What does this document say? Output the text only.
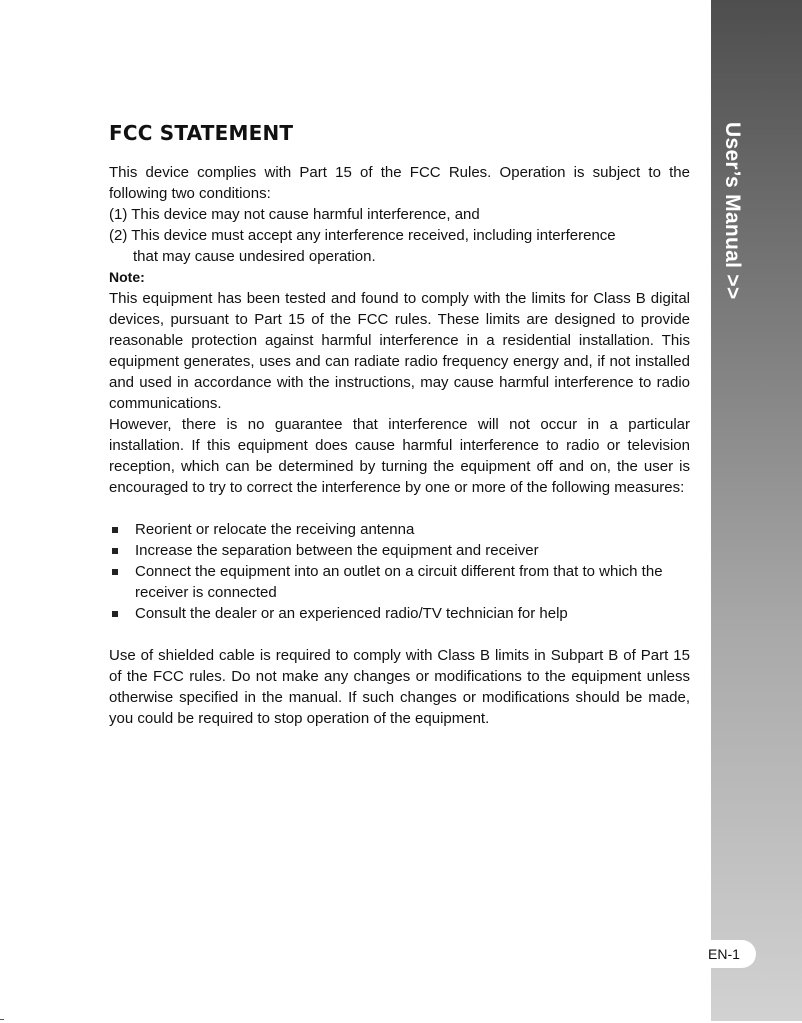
User’s Manual >>
EN-1
FCC STATEMENT

This device complies with Part 15 of the FCC Rules. Operation is subject to the following two conditions:

(1) This device may not cause harmful interference, and

(2) This device must accept any interference received, including interference

that may cause undesired operation.

Note:

This equipment has been tested and found to comply with the limits for Class B digital devices, pursuant to Part 15 of the FCC rules. These limits are designed to provide reasonable protection against harmful interference in a residential installation. This equipment generates, uses and can radiate radio frequency energy and, if not installed and used in accordance with the instructions, may cause harmful interference to radio communications.

However, there is no guarantee that interference will not occur in a particular installation. If this equipment does cause harmful interference to radio or television reception, which can be determined by turning the equipment off and on, the user is encouraged to try to correct the interference by one or more of the following measures:

Reorient or relocate the receiving antenna
Increase the separation between the equipment and receiver
Connect the equipment into an outlet on a circuit different from that to which the receiver is connected
Consult the dealer or an experienced radio/TV technician for help

Use of shielded cable is required to comply with Class B limits in Subpart B of Part 15 of the FCC rules. Do not make any changes or modifications to the equipment unless otherwise specified in the manual. If such changes or modifications should be made, you could be required to stop operation of the equipment.
